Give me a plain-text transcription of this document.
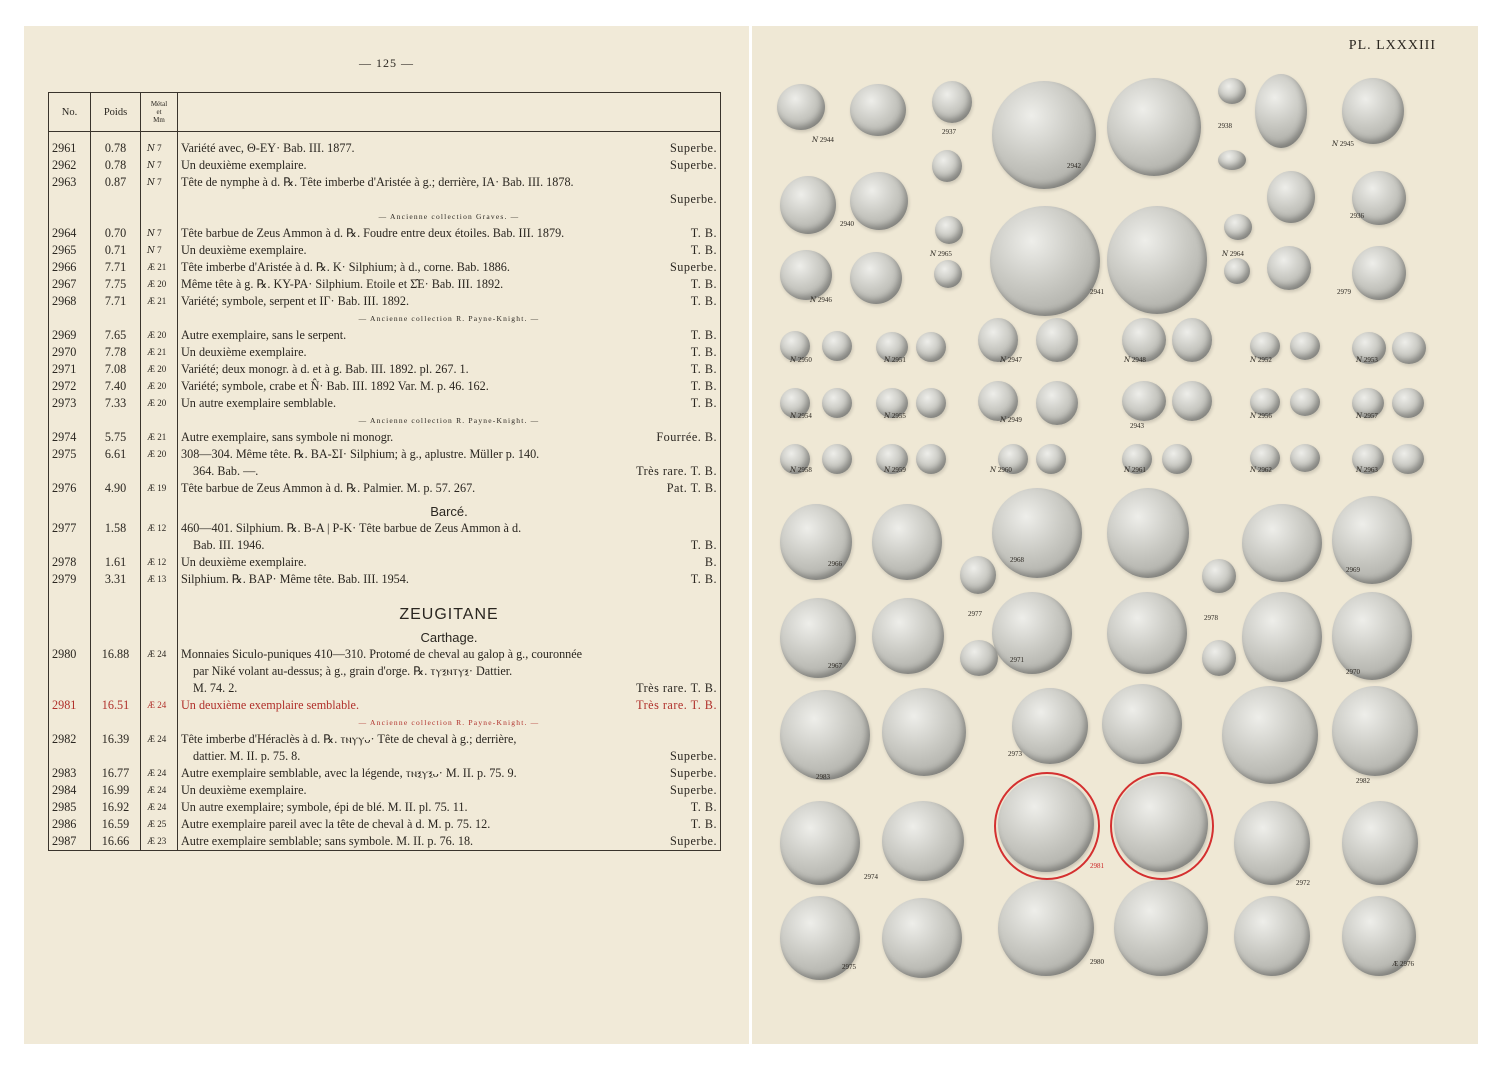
— 125 —
No.	Poids	Métal
et
Mm	

2961	0.78	𝑁 7	Variété avec, Θ-EY· Bab. III. 1877. Superbe.

2962	0.78	𝑁 7	Un deuxième exemplaire. Superbe.

2963	0.87	𝑁 7	Tête de nymphe à d. ℞. Tête imberbe d'Aristée à g.; derrière, IA· Bab. III. 1878.
Superbe.

			— Ancienne collection Graves. —
2964	0.70	𝑁 7	Tête barbue de Zeus Ammon à d. ℞. Foudre entre deux étoiles. Bab. III. 1879. T. B.

2965	0.71	𝑁 7	Un deuxième exemplaire. T. B.

2966	7.71	Æ 21	Tête imberbe d'Aristée à d. ℞. K· Silphium; à d., corne. Bab. 1886. Superbe.

2967	7.75	Æ 20	Même tête à g. ℞. KY-PA· Silphium. Etoile et Σ̂Ε· Bab. III. 1892. T. B.

2968	7.71	Æ 21	Variété; symbole, serpent et IΓ· Bab. III. 1892. T. B.

			— Ancienne collection R. Payne-Knight. —
2969	7.65	Æ 20	Autre exemplaire, sans le serpent. T. B.

2970	7.78	Æ 21	Un deuxième exemplaire. T. B.

2971	7.08	Æ 20	Variété; deux monogr. à d. et à g. Bab. III. 1892. pl. 267. 1. T. B.

2972	7.40	Æ 20	Variété; symbole, crabe et N̂· Bab. III. 1892 Var. M. p. 46. 162. T. B.

2973	7.33	Æ 20	Un autre exemplaire semblable. T. B.

			— Ancienne collection R. Payne-Knight. —
2974	5.75	Æ 21	Autre exemplaire, sans symbole ni monogr. Fourrée. B.

2975	6.61	Æ 20	308—304. Même tête. ℞. BA-ΣI· Silphium; à g., aplustre. Müller p. 140.
364. Bab. —. Très rare. T. B.

2976	4.90	Æ 19	Tête barbue de Zeus Ammon à d. ℞. Palmier. M. p. 57. 267. Pat. T. B.

			Barcé.
2977	1.58	Æ 12	460—401. Silphium. ℞. B-A | P-K· Tête barbue de Zeus Ammon à d.
Bab. III. 1946. T. B.

2978	1.61	Æ 12	Un deuxième exemplaire. B.

2979	3.31	Æ 13	Silphium. ℞. BAP· Même tête. Bab. III. 1954. T. B.

			ZEUGITANE
			Carthage.
2980	16.88	Æ 24	Monnaies Siculo-puniques 410—310. Protomé de cheval au galop à g., couronnée
par Niké volant au-dessus; à g., grain d'orge. ℞. ⲧⲩⲝⲛⲧⲩⲝ· Dattier.
M. 74. 2. Très rare. T. B.

2981	16.51	Æ 24	Un deuxième exemplaire semblable. Très rare. T. B.

			— Ancienne collection R. Payne-Knight. —
2982	16.39	Æ 24	Tête imberbe d'Héraclès à d. ℞. ⲧⲛⲩⲩᴗ· Tête de cheval à g.; derrière,
dattier. M. II. p. 75. 8. Superbe.

2983	16.77	Æ 24	Autre exemplaire semblable, avec la légende, ⲧⲛⲝⲩⲝᴗ· M. II. p. 75. 9. Superbe.

2984	16.99	Æ 24	Un deuxième exemplaire. Superbe.

2985	16.92	Æ 24	Un autre exemplaire; symbole, épi de blé. M. II. pl. 75. 11. T. B.

2986	16.59	Æ 25	Autre exemplaire pareil avec la tête de cheval à d. M. p. 75. 12. T. B.

2987	16.66	Æ 23	Autre exemplaire semblable; sans symbole. M. II. p. 76. 18. Superbe.
PL. LXXXIII
𝑁 2944
2937
2942
2938
𝑁 2945
2940
𝑁 2965
2941
𝑁 2964
2936
𝑁 2946
2979
𝑁 2950	𝑁 2951	𝑁 2947	𝑁 2948	𝑁 2952	𝑁 2953
𝑁 2954	𝑁 2955	𝑁 2949
2943
𝑁 2956	𝑁 2957
𝑁 2958	𝑁 2959	𝑁 2960	𝑁 2961	𝑁 2962	𝑁 2963
2966	2968
2969
2977	2978
2967
2971
2970
2973
2983	2982
2974
2981
2972
2975
2980	Æ 2976
